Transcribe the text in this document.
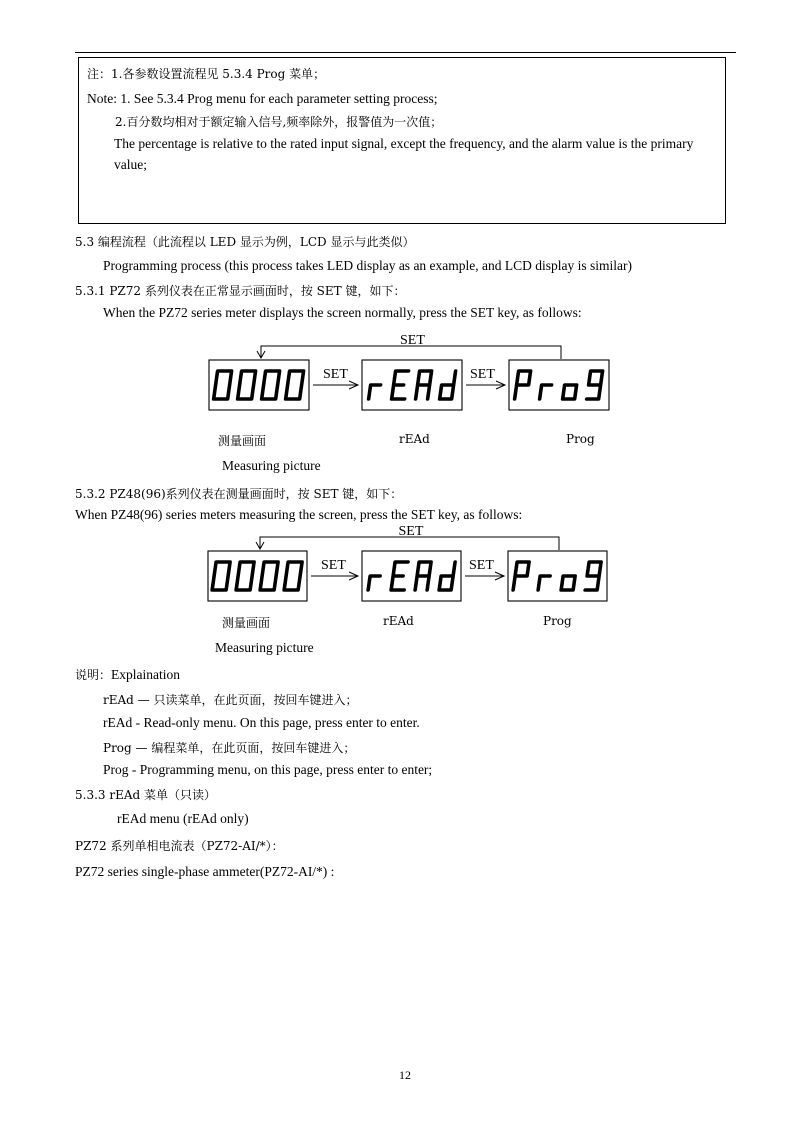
注：1.各参数设置流程见 5.3.4 Prog 菜单；
Note: 1. See 5.3.4 Prog menu for each parameter setting process;
2.百分数均相对于额定输入信号,频率除外，报警值为一次值；
The percentage is relative to the rated input signal, except the frequency, and the alarm value is the primary value;
5.3 编程流程（此流程以 LED 显示为例，LCD 显示与此类似）
Programming process (this process takes LED display as an example, and LCD display is similar)
5.3.1 PZ72 系列仪表在正常显示画面时，按 SET 键，如下：
When the PZ72 series meter displays the screen normally, press the SET key, as follows:
SET	SET
SET
测量画面
Measuring picture
rEAd	Prog
5.3.2 PZ48(96)系列仪表在测量画面时，按 SET 键，如下：
When PZ48(96) series meters measuring the screen, press the SET key, as follows:
SET	SET
SET
测量画面
Measuring picture
rEAd	Prog
说明：Explaination
rEAd — 只读菜单，在此页面，按回车键进入；
rEAd - Read-only menu. On this page, press enter to enter.
Prog — 编程菜单，在此页面，按回车键进入；
Prog - Programming menu, on this page, press enter to enter;
5.3.3 rEAd 菜单（只读）
rEAd menu (rEAd only)
PZ72 系列单相电流表（PZ72-AI/*）：
PZ72 series single-phase ammeter(PZ72-AI/*) :
12
